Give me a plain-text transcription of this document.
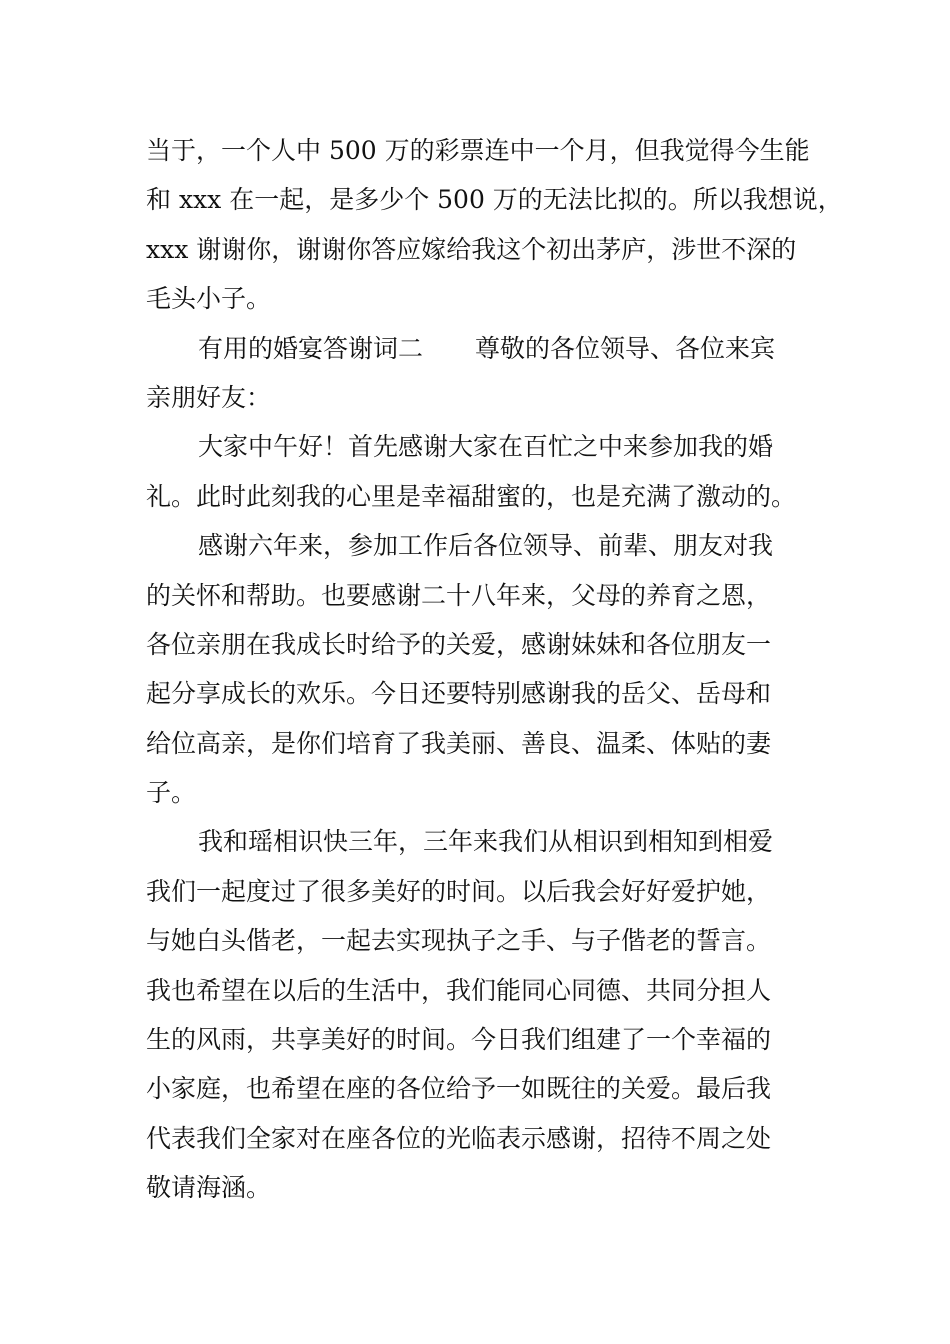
当于，一个人中 500 万的彩票连中一个月，但我觉得今生能
和 xxx 在一起，是多少个 500 万的无法比拟的。所以我想说，
xxx 谢谢你，谢谢你答应嫁给我这个初出茅庐，涉世不深的
毛头小子。
有用的婚宴答谢词二 尊敬的各位领导、各位来宾
亲朋好友：
大家中午好！首先感谢大家在百忙之中来参加我的婚
礼。此时此刻我的心里是幸福甜蜜的，也是充满了激动的。
感谢六年来，参加工作后各位领导、前辈、朋友对我
的关怀和帮助。也要感谢二十八年来，父母的养育之恩，
各位亲朋在我成长时给予的关爱，感谢妹妹和各位朋友一
起分享成长的欢乐。今日还要特别感谢我的岳父、岳母和
给位高亲，是你们培育了我美丽、善良、温柔、体贴的妻
子。
我和瑶相识快三年，三年来我们从相识到相知到相爱
我们一起度过了很多美好的时间。以后我会好好爱护她，
与她白头偕老，一起去实现执子之手、与子偕老的誓言。
我也希望在以后的生活中，我们能同心同德、共同分担人
生的风雨，共享美好的时间。今日我们组建了一个幸福的
小家庭，也希望在座的各位给予一如既往的关爱。最后我
代表我们全家对在座各位的光临表示感谢，招待不周之处
敬请海涵。
